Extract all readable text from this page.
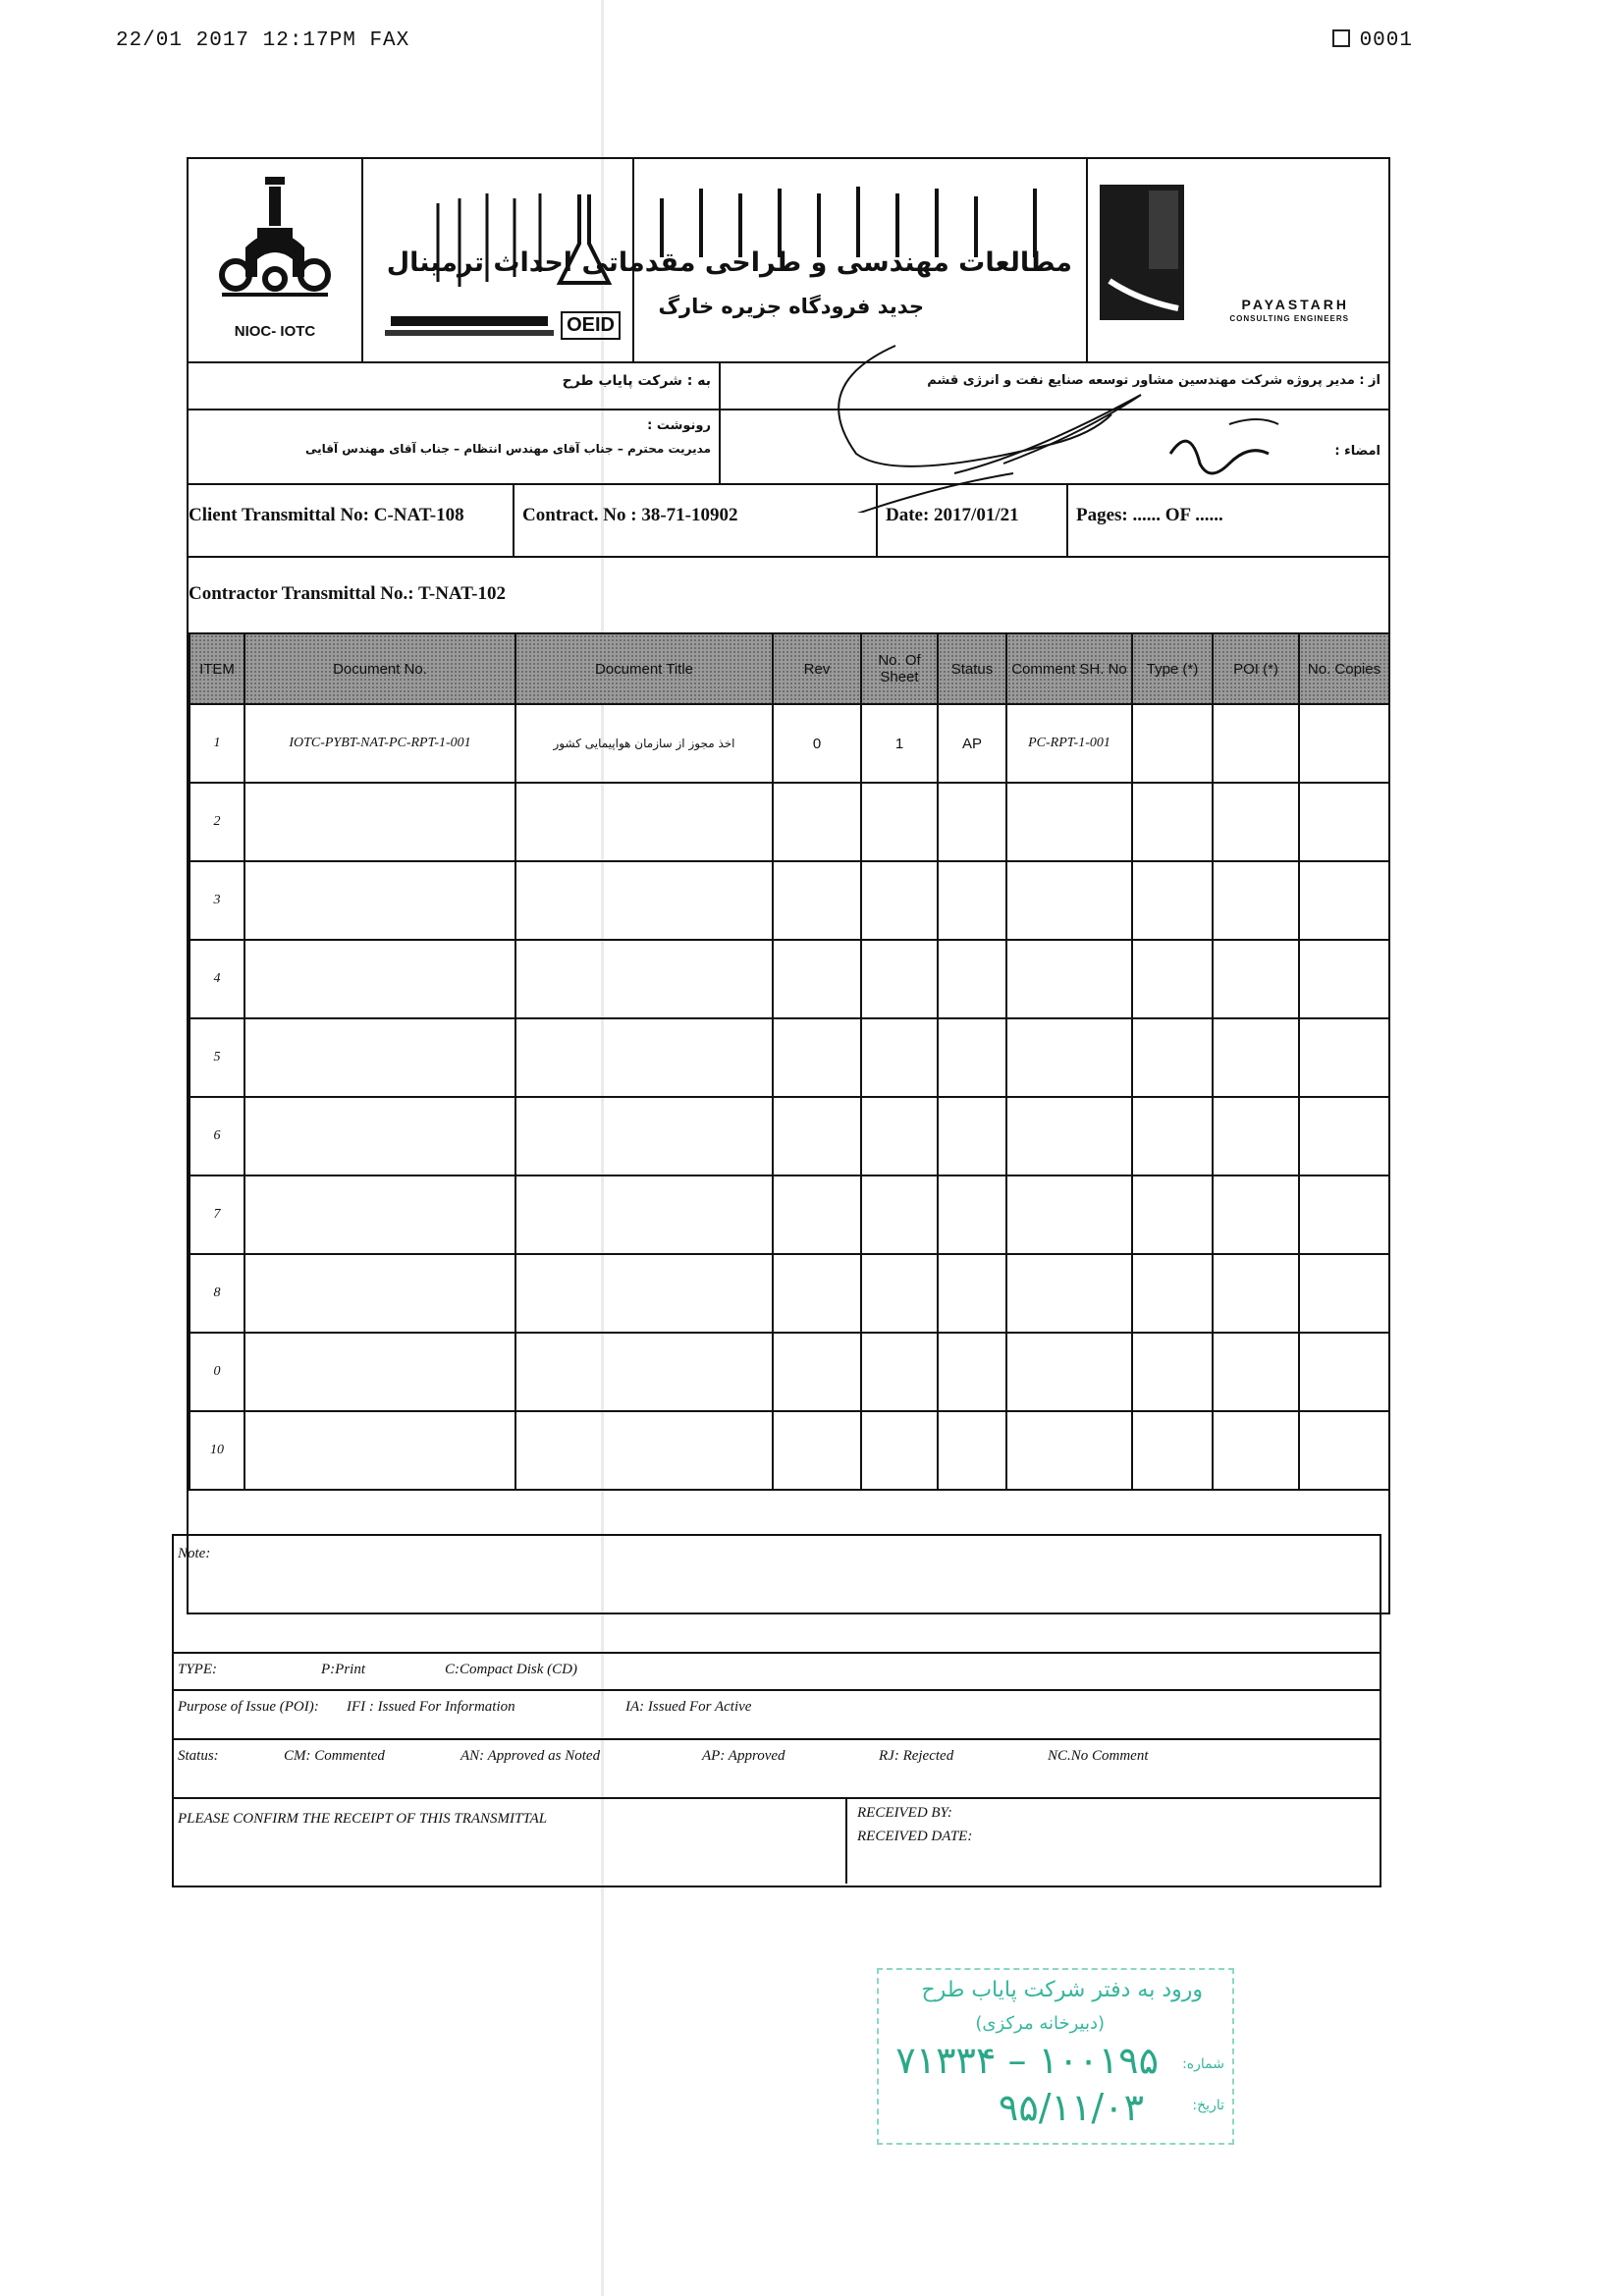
22/01 2017 12:17PM FAX	0001
NIOC- IOTC	OEID
مطالعات مهندسی و طراحی مقدماتی احداث ترمینال
جدید فرودگاه جزیره خارگ	PAYASTARH
CONSULTING ENGINEERS
به : شرکت پایاب طرح	از : مدیر پروژه شرکت مهندسین مشاور توسعه صنایع نفت و انرژی قشم
رونوشت :
مدیریت محترم – جناب آقای مهندس انتظام – جناب آقای مهندس آقایی	امضاء :
Client Transmittal No: C-NAT-108	Contract. No : 38-71-10902	Date: 2017/01/21	Pages: ...... OF ......
Contractor Transmittal No.: T-NAT-102
ITEM	Document No.	Document Title	Rev	No. Of Sheet	Status	Comment SH. No	Type (*)	POI (*)	No. Copies
1	IOTC-PYBT-NAT-PC-RPT-1-001	اخذ مجوز از سازمان هواپیمایی کشور	0	1	AP	PC-RPT-1-001			
2									
3									
4									
5									
6									
7									
8									
0									
10									
Note:
TYPE:	P:Print	C:Compact Disk (CD)
Purpose of Issue (POI): IFI : Issued For Information	IA: Issued For Active
Status:	CM: Commented	AN: Approved as Noted	AP: Approved	RJ: Rejected	NC.No Comment
PLEASE CONFIRM THE RECEIPT OF THIS TRANSMITTAL	RECEIVED BY:
RECEIVED DATE:
ورود به دفتر شرکت پایاب طرح
(دبیرخانه مرکزی)
شماره:
۱۰۰۱۹۵ – ۷۱۳۳۴
تاریخ:
۹۵/۱۱/۰۳
